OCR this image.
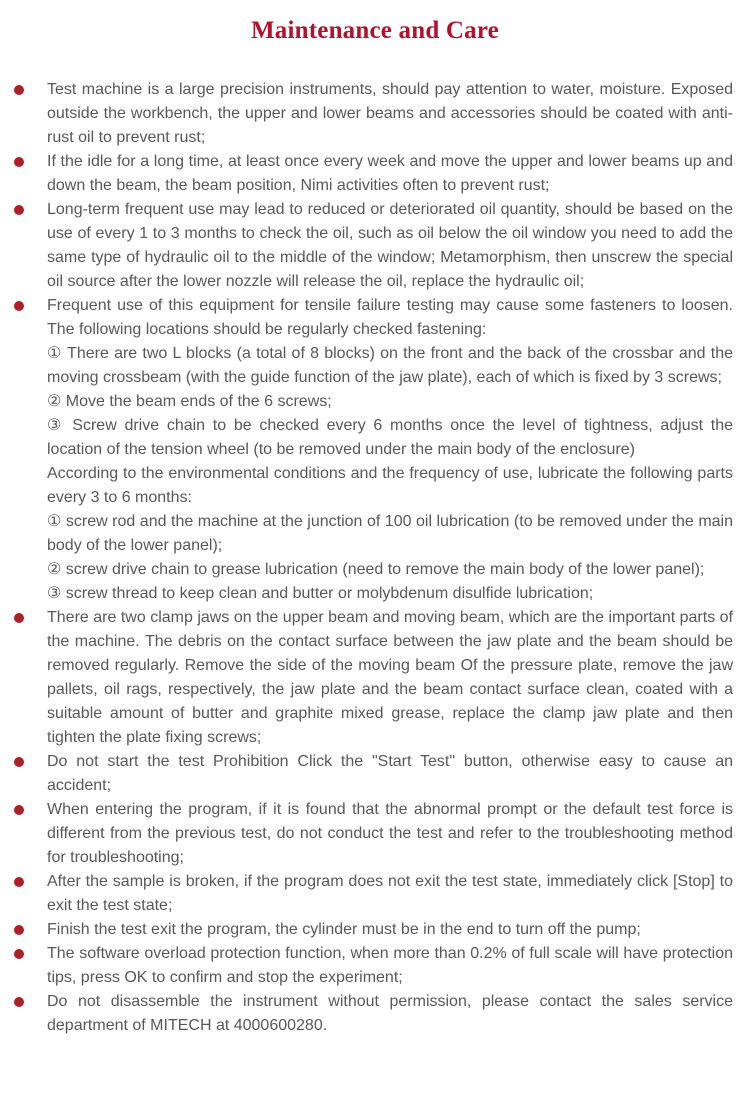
Maintenance and Care

Test machine is a large precision instruments, should pay attention to water, moisture. Exposed outside the workbench, the upper and lower beams and accessories should be coated with anti-rust oil to prevent rust;

If the idle for a long time, at least once every week and move the upper and lower beams up and down the beam, the beam position, Nimi activities often to prevent rust;

Long-term frequent use may lead to reduced or deteriorated oil quantity, should be based on the use of every 1 to 3 months to check the oil, such as oil below the oil window you need to add the same type of hydraulic oil to the middle of the window; Metamorphism, then unscrew the special oil source after the lower nozzle will release the oil, replace the hydraulic oil;

Frequent use of this equipment for tensile failure testing may cause some fasteners to loosen. The following locations should be regularly checked fastening:

① There are two L blocks (a total of 8 blocks) on the front and the back of the crossbar and the moving crossbeam (with the guide function of the jaw plate), each of which is fixed by 3 screws;

② Move the beam ends of the 6 screws;

③ Screw drive chain to be checked every 6 months once the level of tightness, adjust the location of the tension wheel (to be removed under the main body of the enclosure)

According to the environmental conditions and the frequency of use, lubricate the following parts every 3 to 6 months:

① screw rod and the machine at the junction of 100 oil lubrication (to be removed under the main body of the lower panel);

② screw drive chain to grease lubrication (need to remove the main body of the lower panel);

③ screw thread to keep clean and butter or molybdenum disulfide lubrication;

There are two clamp jaws on the upper beam and moving beam, which are the important parts of the machine. The debris on the contact surface between the jaw plate and the beam should be removed regularly. Remove the side of the moving beam Of the pressure plate, remove the jaw pallets, oil rags, respectively, the jaw plate and the beam contact surface clean, coated with a suitable amount of butter and graphite mixed grease, replace the clamp jaw plate and then tighten the plate fixing screws;

Do not start the test Prohibition Click the "Start Test" button, otherwise easy to cause an accident;

When entering the program, if it is found that the abnormal prompt or the default test force is different from the previous test, do not conduct the test and refer to the troubleshooting method for troubleshooting;

After the sample is broken, if the program does not exit the test state, immediately click [Stop] to exit the test state;

Finish the test exit the program, the cylinder must be in the end to turn off the pump;

The software overload protection function, when more than 0.2% of full scale will have protection tips, press OK to confirm and stop the experiment;

Do not disassemble the instrument without permission, please contact the sales service department of MITECH at 4000600280.
